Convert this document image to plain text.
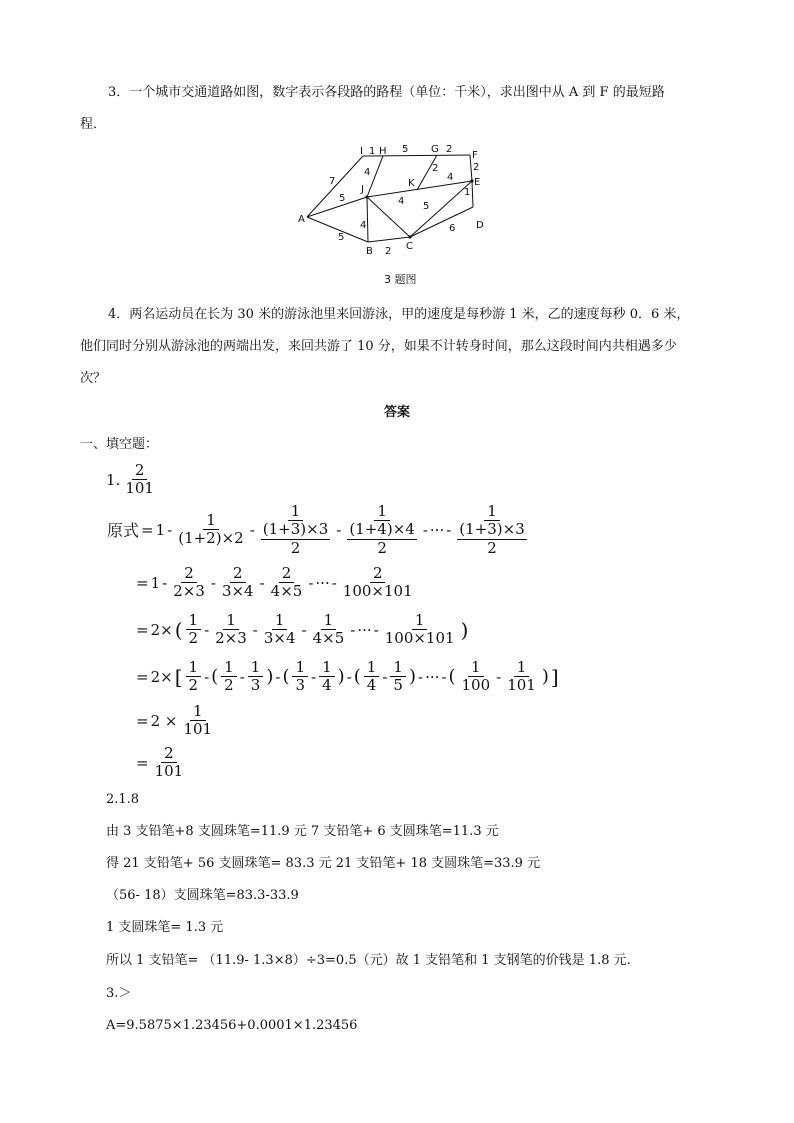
3．一个城市交通道路如图，数字表示各段路的路程（单位：千米），求出图中从 A 到 F 的最短路
程．
A
B	C
D
E
F
G
H
I
J
K
7
1	5	2
2
5
4
4
4
5
2
6
5
2
4
1
3 题图
4．两名运动员在长为 30 米的游泳池里来回游泳，甲的速度是每秒游 1 米，乙的速度每秒 0．6 米，
他们同时分别从游泳池的两端出发，来回共游了 10 分，如果不计转身时间，那么这段时间内共相遇多少
次？
答案
一、填空题：
1.
2
101
原式 = 1 -
1
(1+2)×2 -
1
$\frac{(1+3)\times 3}{2}$ -
1
$\frac{(1+4)\times 4}{2}$ - ··· -
1
$\frac{(1+3)\times 3}{2}$
= 1 -
2
2×3 -
2
3×4 -
2
4×5 - ··· -
2
100×101
= 2× ( 1
2 -
1
2×3 -
1
3×4 -
1
4×5 - ··· -
1
100×101 )
= 2× [ 1
2 - ( 1
2 -
1
3 ) - ( 1
3 -
1
4 ) - ( 1
4 -
1
5 ) - ··· - ( 1
100 -
1
101 ) ]
= $2 \times \frac{1}{101}$
= $\frac{2}{101}$
2.1.8
由 3 支铅笔+8 支圆珠笔=11.9 元 7 支铅笔+ 6 支圆珠笔=11.3 元
得 21 支铅笔+ 56 支圆珠笔= 83.3 元 21 支铅笔+ 18 支圆珠笔=33.9 元
（56- 18）支圆珠笔=83.3-33.9
1 支圆珠笔= 1.3 元
所以 1 支铅笔= （11.9- 1.3×8）÷3=0.5（元）故 1 支铅笔和 1 支钢笔的价钱是 1.8 元.
3.＞
A=9.5875×1.23456+0.0001×1.23456
